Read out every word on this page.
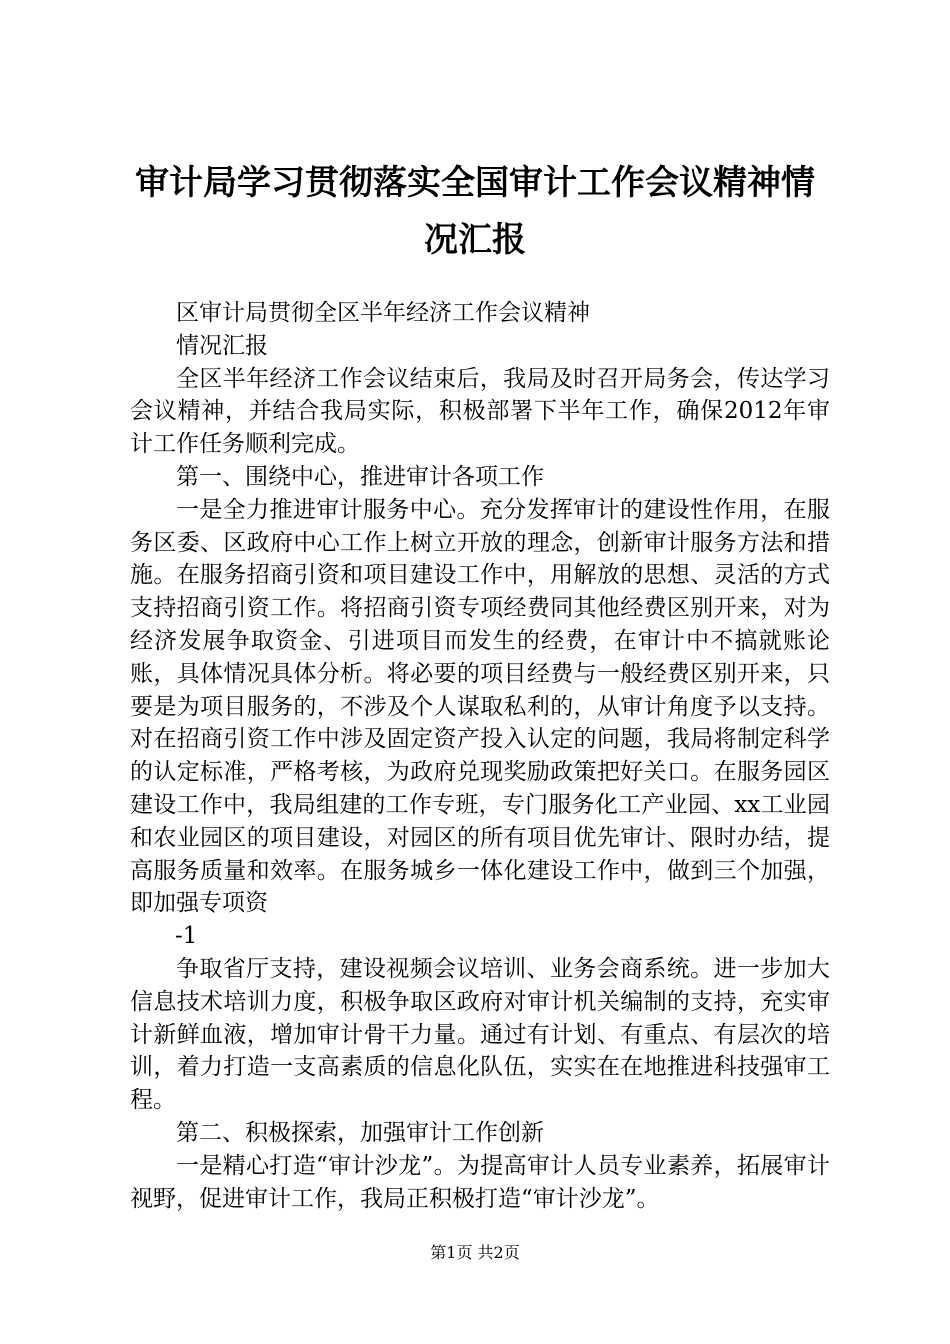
审计局学习贯彻落实全国审计工作会议精神情
况汇报

区审计局贯彻全区半年经济工作会议精神

情况汇报

全区半年经济工作会议结束后，我局及时召开局务会，传达学习会议精神，并结合我局实际，积极部署下半年工作，确保2012年审计工作任务顺利完成。

第一、围绕中心，推进审计各项工作

一是全力推进审计服务中心。充分发挥审计的建设性作用，在服务区委、区政府中心工作上树立开放的理念，创新审计服务方法和措施。在服务招商引资和项目建设工作中，用解放的思想、灵活的方式支持招商引资工作。将招商引资专项经费同其他经费区别开来，对为经济发展争取资金、引进项目而发生的经费，在审计中不搞就账论账，具体情况具体分析。将必要的项目经费与一般经费区别开来，只要是为项目服务的，不涉及个人谋取私利的，从审计角度予以支持。对在招商引资工作中涉及固定资产投入认定的问题，我局将制定科学的认定标准，严格考核，为政府兑现奖励政策把好关口。在服务园区建设工作中，我局组建的工作专班，专门服务化工产业园、xx工业园和农业园区的项目建设，对园区的所有项目优先审计、限时办结，提高服务质量和效率。在服务城乡一体化建设工作中，做到三个加强，即加强专项资

-1

争取省厅支持，建设视频会议培训、业务会商系统。进一步加大信息技术培训力度，积极争取区政府对审计机关编制的支持，充实审计新鲜血液，增加审计骨干力量。通过有计划、有重点、有层次的培训，着力打造一支高素质的信息化队伍，实实在在地推进科技强审工程。

第二、积极探索，加强审计工作创新

一是精心打造“审计沙龙”。为提高审计人员专业素养，拓展审计视野，促进审计工作，我局正积极打造“审计沙龙”。

第1页 共2页
